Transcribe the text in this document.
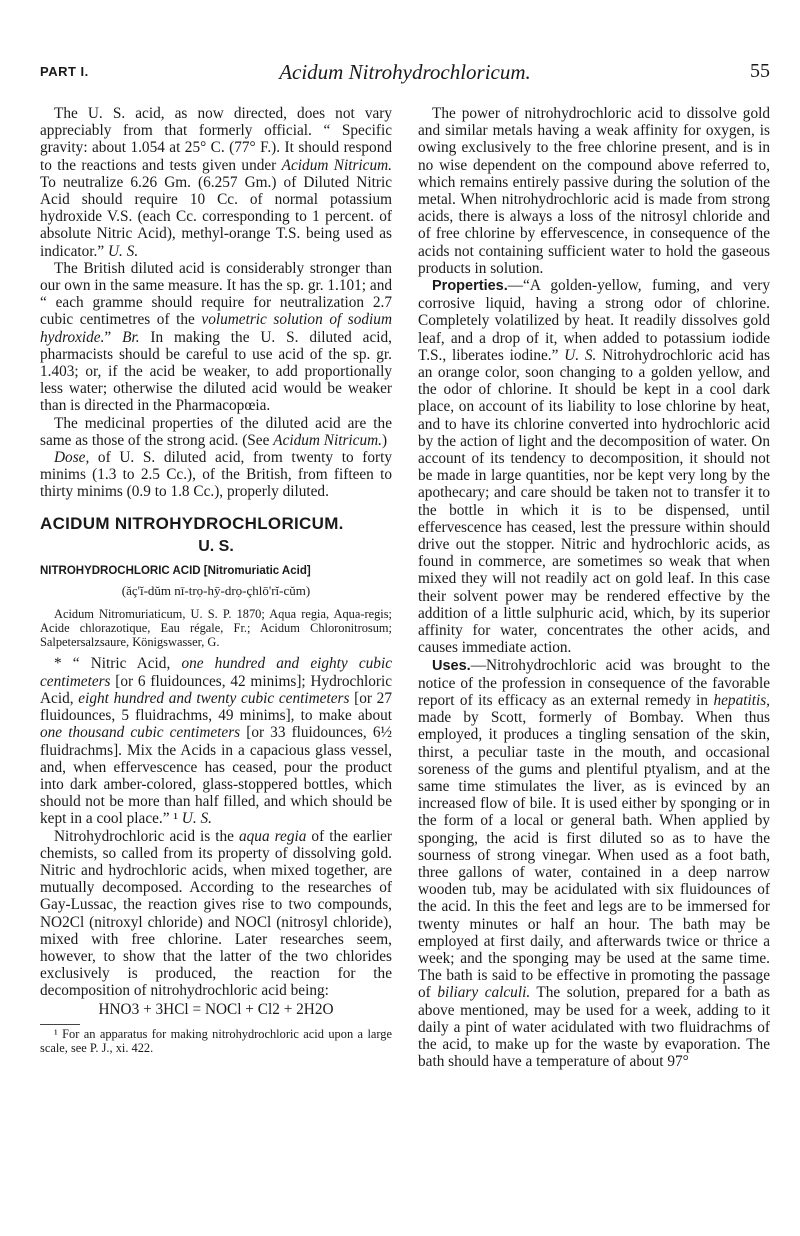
PART I.	Acidum Nitrohydrochloricum.	55

The U. S. acid, as now directed, does not vary appreciably from that formerly official. “ Specific gravity: about 1.054 at 25° C. (77° F.). It should respond to the reactions and tests given under Acidum Nitricum. To neutralize 6.26 Gm. (6.257 Gm.) of Diluted Nitric Acid should require 10 Cc. of normal potassium hydroxide V.S. (each Cc. corresponding to 1 percent. of absolute Nitric Acid), methyl-orange T.S. being used as indicator.” U. S.

The British diluted acid is considerably stronger than our own in the same measure. It has the sp. gr. 1.101; and “ each gramme should require for neutralization 2.7 cubic centimetres of the volumetric solution of sodium hydroxide.” Br. In making the U. S. diluted acid, pharmacists should be careful to use acid of the sp. gr. 1.403; or, if the acid be weaker, to add proportionally less water; otherwise the diluted acid would be weaker than is directed in the Pharmacopœia.

The medicinal properties of the diluted acid are the same as those of the strong acid. (See Acidum Nitricum.)

Dose, of U. S. diluted acid, from twenty to forty minims (1.3 to 2.5 Cc.), of the British, from fifteen to thirty minims (0.9 to 1.8 Cc.), properly diluted.

ACIDUM NITROHYDROCHLORICUM.

U. S.

NITROHYDROCHLORIC ACID [Nitromuriatic Acid]

(ăç'ĭ-dŭm nī-trọ-hȳ-drọ-çhlō'rĭ-cŭm)

Acidum Nitromuriaticum, U. S. P. 1870; Aqua regia, Aqua-regis; Acide chlorazotique, Eau régale, Fr.; Acidum Chloronitrosum; Salpetersalzsaure, Königswasser, G.

* “ Nitric Acid, one hundred and eighty cubic centimeters [or 6 fluidounces, 42 minims]; Hydrochloric Acid, eight hundred and twenty cubic centimeters [or 27 fluidounces, 5 fluidrachms, 49 minims], to make about one thousand cubic centimeters [or 33 fluidounces, 6½ fluidrachms]. Mix the Acids in a capacious glass vessel, and, when effervescence has ceased, pour the product into dark amber-colored, glass-stoppered bottles, which should not be more than half filled, and which should be kept in a cool place.” ¹ U. S.

Nitrohydrochloric acid is the aqua regia of the earlier chemists, so called from its property of dissolving gold. Nitric and hydrochloric acids, when mixed together, are mutually decomposed. According to the researches of Gay-Lussac, the reaction gives rise to two compounds, NO2Cl (nitroxyl chloride) and NOCl (nitrosyl chloride), mixed with free chlorine. Later researches seem, however, to show that the latter of the two chlorides exclusively is produced, the reaction for the decomposition of nitrohydrochloric acid being:

HNO3 + 3HCl = NOCl + Cl2 + 2H2O

¹ For an apparatus for making nitrohydrochloric acid upon a large scale, see P. J., xi. 422.

The power of nitrohydrochloric acid to dissolve gold and similar metals having a weak affinity for oxygen, is owing exclusively to the free chlorine present, and is in no wise dependent on the compound above referred to, which remains entirely passive during the solution of the metal. When nitrohydrochloric acid is made from strong acids, there is always a loss of the nitrosyl chloride and of free chlorine by effervescence, in consequence of the acids not containing sufficient water to hold the gaseous products in solution.

Properties.—“A golden-yellow, fuming, and very corrosive liquid, having a strong odor of chlorine. Completely volatilized by heat. It readily dissolves gold leaf, and a drop of it, when added to potassium iodide T.S., liberates iodine.” U. S. Nitrohydrochloric acid has an orange color, soon changing to a golden yellow, and the odor of chlorine. It should be kept in a cool dark place, on account of its liability to lose chlorine by heat, and to have its chlorine converted into hydrochloric acid by the action of light and the decomposition of water. On account of its tendency to decomposition, it should not be made in large quantities, nor be kept very long by the apothecary; and care should be taken not to transfer it to the bottle in which it is to be dispensed, until effervescence has ceased, lest the pressure within should drive out the stopper. Nitric and hydrochloric acids, as found in commerce, are sometimes so weak that when mixed they will not readily act on gold leaf. In this case their solvent power may be rendered effective by the addition of a little sulphuric acid, which, by its superior affinity for water, concentrates the other acids, and causes immediate action.

Uses.—Nitrohydrochloric acid was brought to the notice of the profession in consequence of the favorable report of its efficacy as an external remedy in hepatitis, made by Scott, formerly of Bombay. When thus employed, it produces a tingling sensation of the skin, thirst, a peculiar taste in the mouth, and occasional soreness of the gums and plentiful ptyalism, and at the same time stimulates the liver, as is evinced by an increased flow of bile. It is used either by sponging or in the form of a local or general bath. When applied by sponging, the acid is first diluted so as to have the sourness of strong vinegar. When used as a foot bath, three gallons of water, contained in a deep narrow wooden tub, may be acidulated with six fluidounces of the acid. In this the feet and legs are to be immersed for twenty minutes or half an hour. The bath may be employed at first daily, and afterwards twice or thrice a week; and the sponging may be used at the same time. The bath is said to be effective in promoting the passage of biliary calculi. The solution, prepared for a bath as above mentioned, may be used for a week, adding to it daily a pint of water acidulated with two fluidrachms of the acid, to make up for the waste by evaporation. The bath should have a temperature of about 97°
